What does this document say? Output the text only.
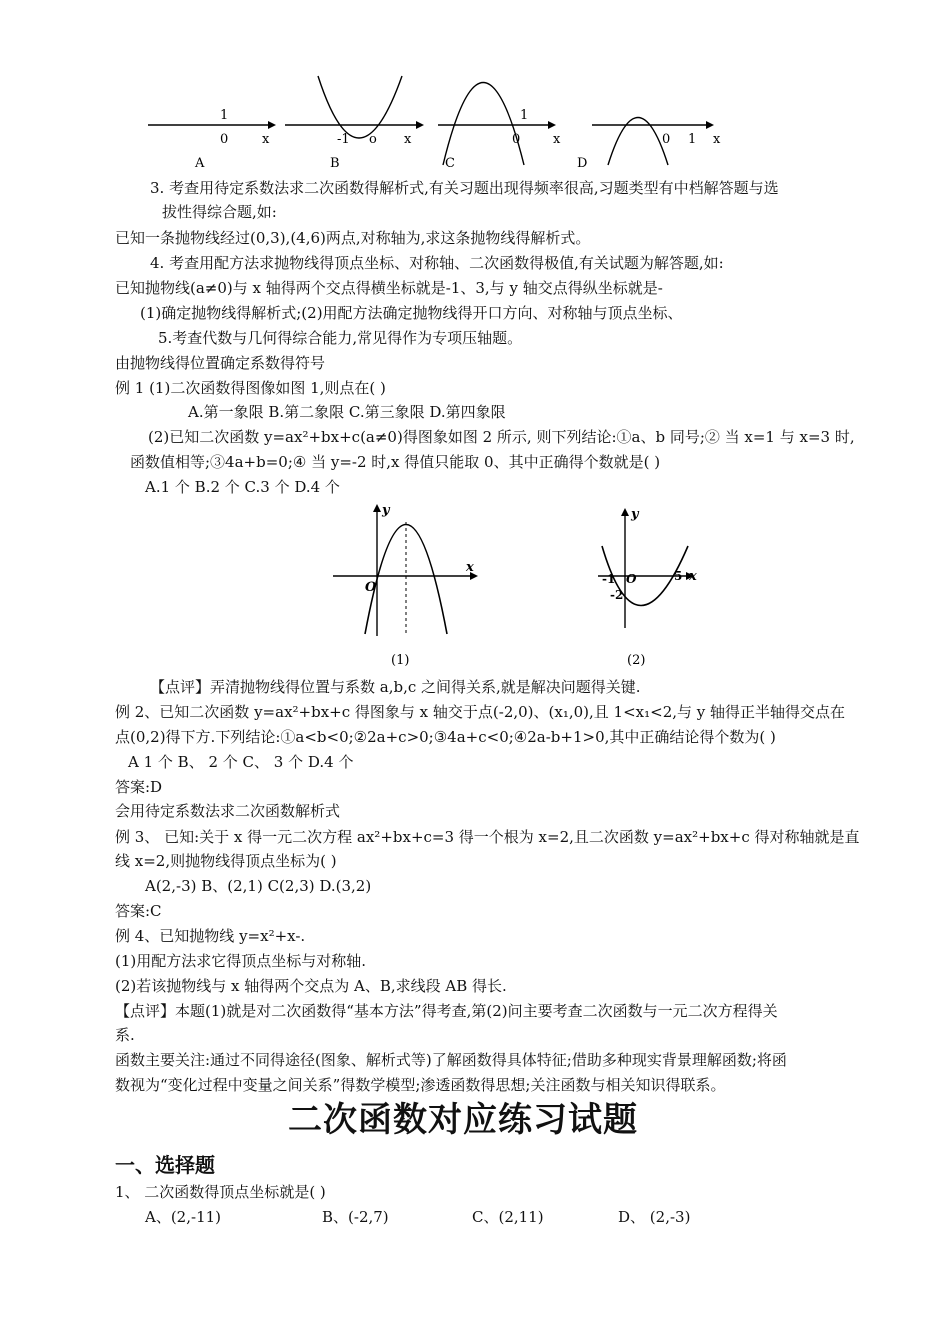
1
0	x
A
-1 o x
B
1
0	x
C
0 1 x
D
3. 考查用待定系数法求二次函数得解析式,有关习题出现得频率很高,习题类型有中档解答题与选
拔性得综合题,如:
已知一条抛物线经过(0,3),(4,6)两点,对称轴为,求这条抛物线得解析式。
4. 考查用配方法求抛物线得顶点坐标、对称轴、二次函数得极值,有关试题为解答题,如:
已知抛物线(a≠0)与 x 轴得两个交点得横坐标就是-1、3,与 y 轴交点得纵坐标就是-
(1)确定抛物线得解析式;(2)用配方法确定抛物线得开口方向、对称轴与顶点坐标、
5.考查代数与几何得综合能力,常见得作为专项压轴题。
由抛物线得位置确定系数得符号
例 1 (1)二次函数得图像如图 1,则点在( )
A.第一象限 B.第二象限 C.第三象限 D.第四象限
(2)已知二次函数 y=ax²+bx+c(a≠0)得图象如图 2 所示, 则下列结论:①a、b 同号;② 当 x=1 与 x=3 时,
函数值相等;③4a+b=0;④ 当 y=-2 时,x 得值只能取 0、其中正确得个数就是( )
A.1 个 B.2 个 C.3 个 D.4 个
y
x
O
(1)
y
x
O
-1	5
-2
(2)
【点评】弄清抛物线得位置与系数 a,b,c 之间得关系,就是解决问题得关键.
例 2、已知二次函数 y=ax²+bx+c 得图象与 x 轴交于点(-2,0)、(x₁,0),且 1<x₁<2,与 y 轴得正半轴得交点在
点(0,2)得下方.下列结论:①a<b<0;②2a+c>0;③4a+c<0;④2a-b+1>0,其中正确结论得个数为( )
A 1 个 B、 2 个 C、 3 个 D.4 个
答案:D
会用待定系数法求二次函数解析式
例 3、 已知:关于 x 得一元二次方程 ax²+bx+c=3 得一个根为 x=2,且二次函数 y=ax²+bx+c 得对称轴就是直
线 x=2,则抛物线得顶点坐标为( )
A(2,-3) B、(2,1) C(2,3) D.(3,2)
答案:C
例 4、已知抛物线 y=x²+x-.
(1)用配方法求它得顶点坐标与对称轴.
(2)若该抛物线与 x 轴得两个交点为 A、B,求线段 AB 得长.
【点评】本题(1)就是对二次函数得“基本方法”得考查,第(2)问主要考查二次函数与一元二次方程得关
系.
函数主要关注:通过不同得途径(图象、解析式等)了解函数得具体特征;借助多种现实背景理解函数;将函
数视为“变化过程中变量之间关系”得数学模型;渗透函数得思想;关注函数与相关知识得联系。
二次函数对应练习试题
一、选择题
1、 二次函数得顶点坐标就是( )
A、(2,-11)	B、(-2,7)	C、(2,11)	D、 (2,-3)
